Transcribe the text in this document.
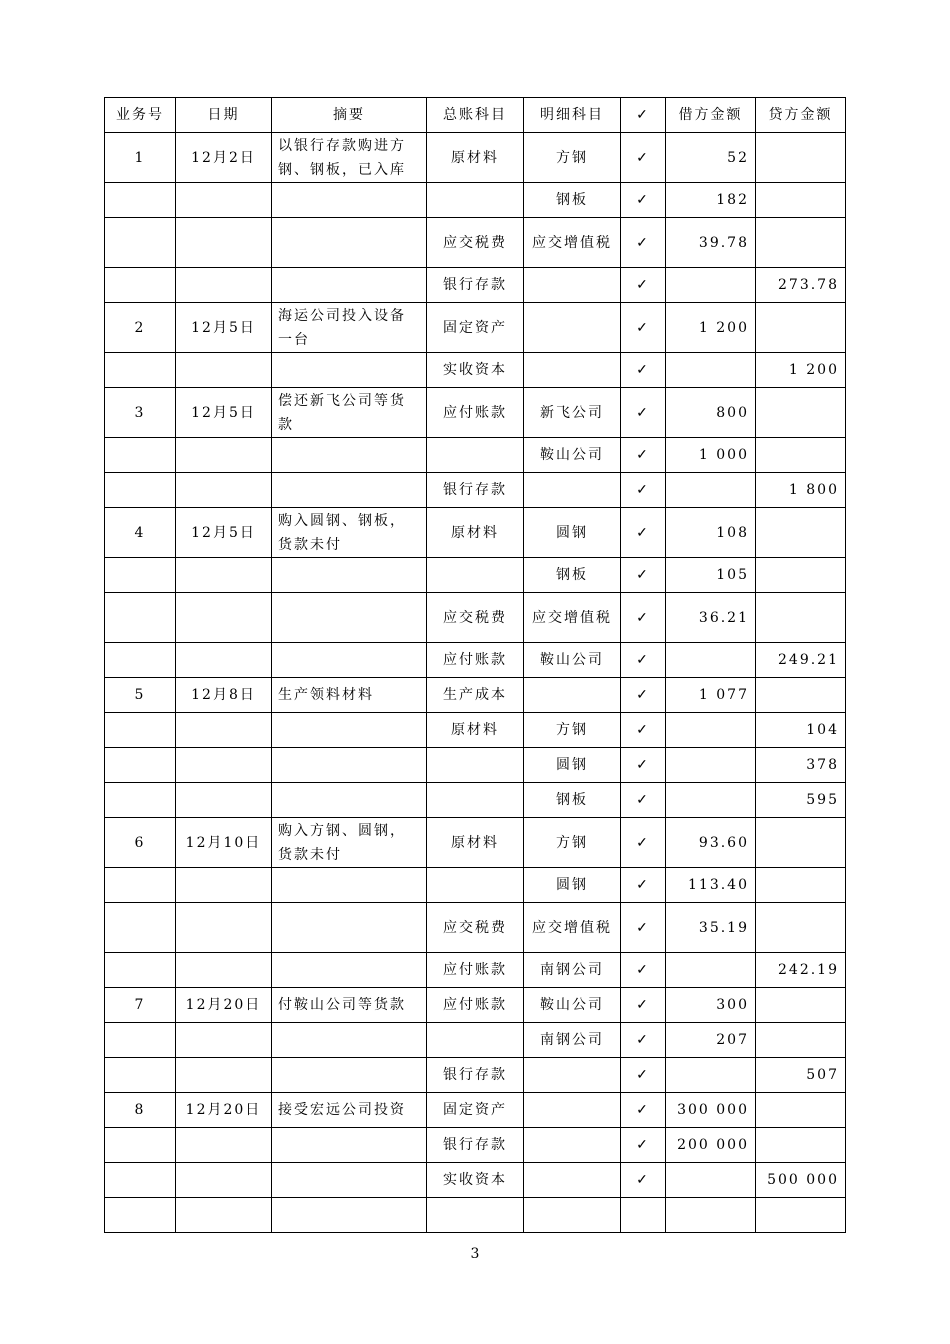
业务号	日期	摘要	总账科目	明细科目	✓	借方金额	贷方金额
1	12月2日	以银行存款购进方钢、钢板，已入库	原材料	方钢	✓	52	
				钢板	✓	182	
			应交税费	应交增值税	✓	39.78	
			银行存款		✓		273.78
2	12月5日	海运公司投入设备一台	固定资产		✓	1 200	
			实收资本		✓		1 200
3	12月5日	偿还新飞公司等货款	应付账款	新飞公司	✓	800	
				鞍山公司	✓	1 000	
			银行存款		✓		1 800
4	12月5日	购入圆钢、钢板，货款未付	原材料	圆钢	✓	108	
				钢板	✓	105	
			应交税费	应交增值税	✓	36.21	
			应付账款	鞍山公司	✓		249.21
5	12月8日	生产领料材料	生产成本		✓	1 077	
			原材料	方钢	✓		104
				圆钢	✓		378
				钢板	✓		595
6	12月10日	购入方钢、圆钢，货款未付	原材料	方钢	✓	93.60	
				圆钢	✓	113.40	
			应交税费	应交增值税	✓	35.19	
			应付账款	南钢公司	✓		242.19
7	12月20日	付鞍山公司等货款	应付账款	鞍山公司	✓	300	
				南钢公司	✓	207	
			银行存款		✓		507
8	12月20日	接受宏远公司投资	固定资产		✓	300 000	
			银行存款		✓	200 000	
			实收资本		✓		500 000

3
